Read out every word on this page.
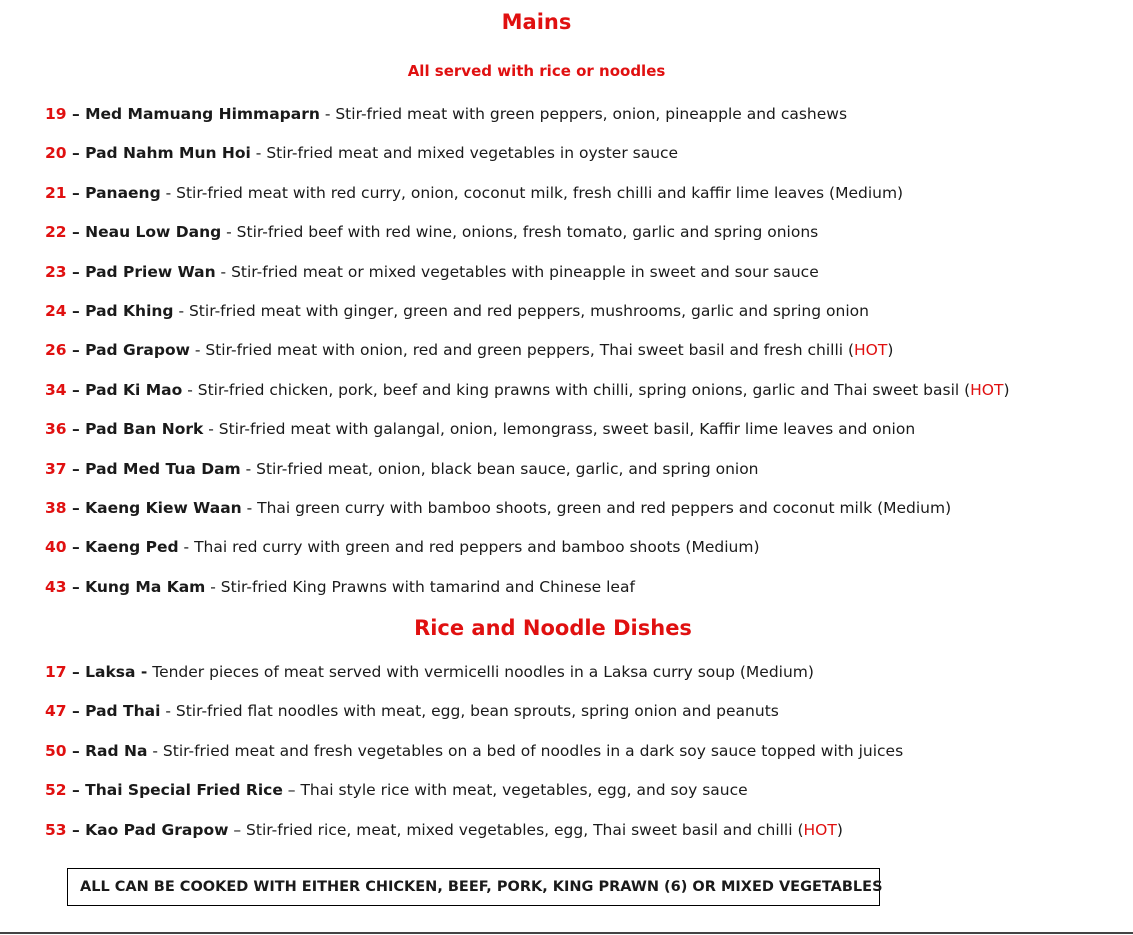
Mains
All served with rice or noodles
19 – Med Mamuang Himmaparn - Stir-fried meat with green peppers, onion, pineapple and cashews
20 – Pad Nahm Mun Hoi - Stir-fried meat and mixed vegetables in oyster sauce
21 – Panaeng - Stir-fried meat with red curry, onion, coconut milk, fresh chilli and kaffir lime leaves (Medium)
22 – Neau Low Dang - Stir-fried beef with red wine, onions, fresh tomato, garlic and spring onions
23 – Pad Priew Wan - Stir-fried meat or mixed vegetables with pineapple in sweet and sour sauce
24 – Pad Khing - Stir-fried meat with ginger, green and red peppers, mushrooms, garlic and spring onion
26 – Pad Grapow - Stir-fried meat with onion, red and green peppers, Thai sweet basil and fresh chilli (HOT)
34 – Pad Ki Mao - Stir-fried chicken, pork, beef and king prawns with chilli, spring onions, garlic and Thai sweet basil (HOT)
36 – Pad Ban Nork - Stir-fried meat with galangal, onion, lemongrass, sweet basil, Kaffir lime leaves and onion
37 – Pad Med Tua Dam - Stir-fried meat, onion, black bean sauce, garlic, and spring onion
38 – Kaeng Kiew Waan - Thai green curry with bamboo shoots, green and red peppers and coconut milk (Medium)
40 – Kaeng Ped - Thai red curry with green and red peppers and bamboo shoots (Medium)
43 – Kung Ma Kam - Stir-fried King Prawns with tamarind and Chinese leaf
Rice and Noodle Dishes
17 – Laksa - Tender pieces of meat served with vermicelli noodles in a Laksa curry soup (Medium)
47 – Pad Thai - Stir-fried flat noodles with meat, egg, bean sprouts, spring onion and peanuts
50 – Rad Na - Stir-fried meat and fresh vegetables on a bed of noodles in a dark soy sauce topped with juices
52 – Thai Special Fried Rice – Thai style rice with meat, vegetables, egg, and soy sauce
53 – Kao Pad Grapow – Stir-fried rice, meat, mixed vegetables, egg, Thai sweet basil and chilli (HOT)
ALL CAN BE COOKED WITH EITHER CHICKEN, BEEF, PORK, KING PRAWN (6) OR MIXED VEGETABLES
